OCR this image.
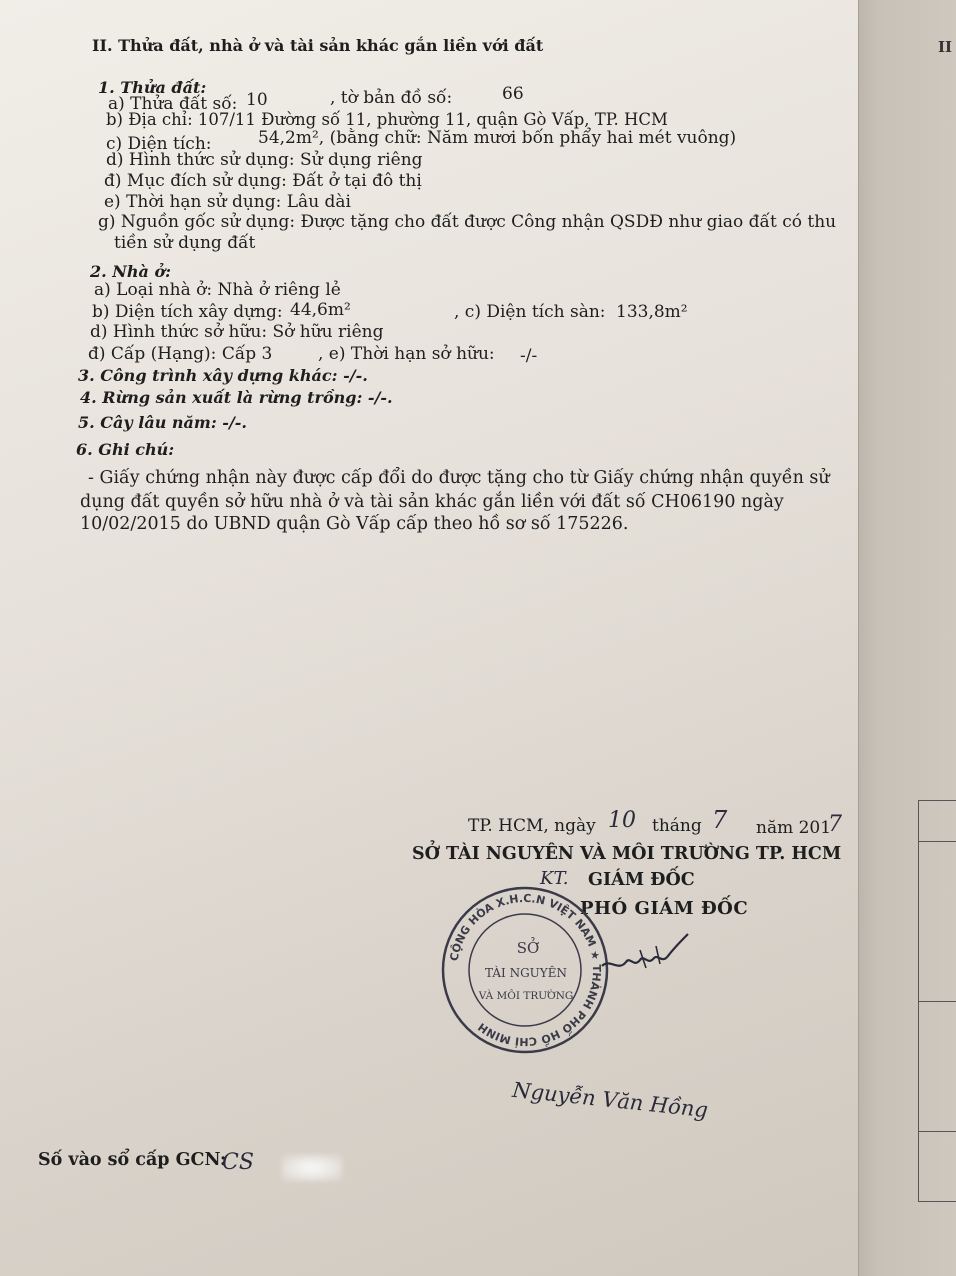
II
II. Thửa đất, nhà ở và tài sản khác gắn liền với đất
1. Thửa đất:
a) Thửa đất số: 10	, tờ bản đồ số:	66
b) Địa chỉ: 107/11 Đường số 11, phường 11, quận Gò Vấp, TP. HCM
c) Diện tích:	54,2m², (bằng chữ: Năm mươi bốn phẩy hai mét vuông)
d) Hình thức sử dụng: Sử dụng riêng
đ) Mục đích sử dụng: Đất ở tại đô thị
e) Thời hạn sử dụng: Lâu dài
g) Nguồn gốc sử dụng: Được tặng cho đất được Công nhận QSDĐ như giao đất có thu
tiền sử dụng đất
2. Nhà ở:
a) Loại nhà ở: Nhà ở riêng lẻ
b) Diện tích xây dựng: 44,6m²	, c) Diện tích sàn: 133,8m²
d) Hình thức sở hữu: Sở hữu riêng
đ) Cấp (Hạng): Cấp 3	, e) Thời hạn sở hữu: -/-
3. Công trình xây dựng khác: -/-.
4. Rừng sản xuất là rừng trồng: -/-.
5. Cây lâu năm: -/-.
6. Ghi chú:
- Giấy chứng nhận này được cấp đổi do được tặng cho từ Giấy chứng nhận quyền sử
dụng đất quyền sở hữu nhà ở và tài sản khác gắn liền với đất số CH06190 ngày
10/02/2015 do UBND quận Gò Vấp cấp theo hồ sơ số 175226.
TP. HCM, ngày 10 tháng 7 năm 201
7
SỞ TÀI NGUYÊN VÀ MÔI TRƯỜNG TP. HCM
KT. GIÁM ĐỐC
PHÓ GIÁM ĐỐC
CỘNG HÒA X.H.C.N VIỆT NAM ★ THÀNH PHỐ HỒ CHÍ MINH
SỞ
TÀI NGUYÊN
VÀ MÔI TRƯỜNG
Nguyễn Văn Hồng
Số vào sổ cấp GCN:
CS
